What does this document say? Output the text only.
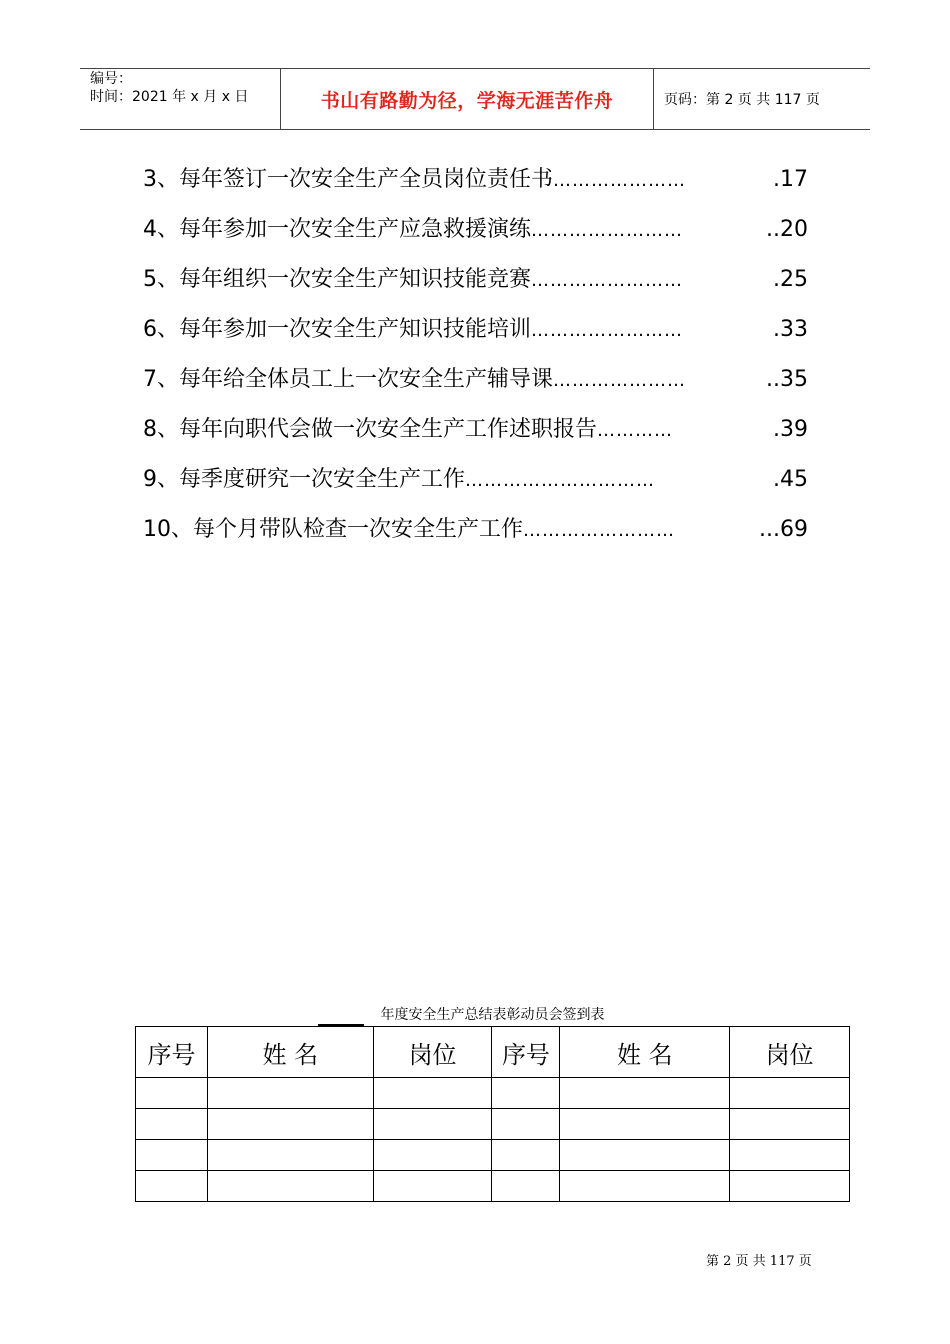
编号：
时间：2021 年 x 月 x 日	书山有路勤为径，学海无涯苦作舟	页码：第 2 页 共 117 页
3、每年签订一次安全生产全员岗位责任书 …………………	.17
4、每年参加一次安全生产应急救援演练 ……………………	..20
5、每年组织一次安全生产知识技能竞赛 ……………………	.25
6、每年参加一次安全生产知识技能培训 ……………………	.33
7、每年给全体员工上一次安全生产辅导课 …………………	..35
8、每年向职代会做一次安全生产工作述职报告 …………	.39
9、每季度研究一次安全生产工作 …………………………	.45
10、每个月带队检查一次安全生产工作 ……………………	...69
年度安全生产总结表彰动员会签到表
序号	姓 名	岗位	序号	姓 名	岗位

第 2 页 共 117 页
